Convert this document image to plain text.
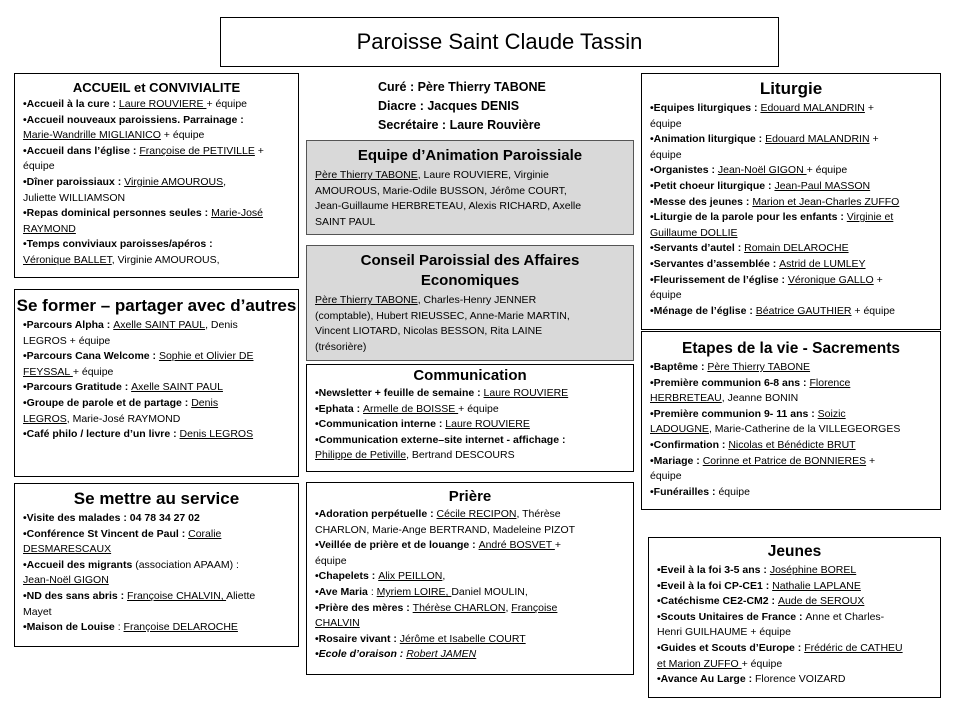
Paroisse Saint Claude Tassin
Curé : Père Thierry TABONE
Diacre : Jacques DENIS
Secrétaire : Laure Rouvière
ACCUEIL et CONVIVIALITE
•Accueil à la cure : Laure ROUVIERE + équipe
•Accueil nouveaux paroissiens. Parrainage :
Marie-Wandrille MIGLIANICO + équipe
•Accueil dans l’église : Françoise de PETIVILLE +
équipe
•Dîner paroissiaux : Virginie AMOUROUS,
Juliette WILLIAMSON
•Repas dominical personnes seules : Marie-José
RAYMOND
•Temps conviviaux paroisses/apéros :
Véronique BALLET, Virginie AMOUROUS,
Se former – partager avec d’autres
•Parcours Alpha : Axelle SAINT PAUL, Denis
LEGROS + équipe
•Parcours Cana Welcome : Sophie et Olivier DE
FEYSSAL + équipe
•Parcours Gratitude : Axelle SAINT PAUL
•Groupe de parole et de partage : Denis
LEGROS, Marie-José RAYMOND
•Café philo / lecture d’un livre : Denis LEGROS
Se mettre au service
•Visite des malades : 04 78 34 27 02
•Conférence St Vincent de Paul : Coralie
DESMARESCAUX
•Accueil des migrants (association APAAM) :
Jean-Noël GIGON
•ND des sans abris : Françoise CHALVIN, Aliette
Mayet
•Maison de Louise : Françoise DELAROCHE
Equipe d’Animation Paroissiale
Père Thierry TABONE, Laure ROUVIERE, Virginie
AMOUROUS, Marie-Odile BUSSON, Jérôme COURT,
Jean-Guillaume HERBRETEAU, Alexis RICHARD, Axelle
SAINT PAUL
Conseil Paroissial des Affaires
Economiques
Père Thierry TABONE, Charles-Henry JENNER
(comptable), Hubert RIEUSSEC, Anne-Marie MARTIN,
Vincent LIOTARD, Nicolas BESSON, Rita LAINE
(trésorière)
Communication
•Newsletter + feuille de semaine : Laure ROUVIERE
•Ephata : Armelle de BOISSE + équipe
•Communication interne : Laure ROUVIERE
•Communication externe–site internet - affichage :
Philippe de Petiville, Bertrand DESCOURS
Prière
•Adoration perpétuelle : Cécile RECIPON, Thérèse
CHARLON, Marie-Ange BERTRAND, Madeleine PIZOT
•Veillée de prière et de louange : André BOSVET +
équipe
•Chapelets : Alix PEILLON,
•Ave Maria : Myriem LOIRE, Daniel MOULIN,
•Prière des mères : Thérèse CHARLON, Françoise
CHALVIN
•Rosaire vivant : Jérôme et Isabelle COURT
•Ecole d’oraison : Robert JAMEN
Liturgie
•Equipes liturgiques : Edouard MALANDRIN +
équipe
•Animation liturgique : Edouard MALANDRIN +
équipe
•Organistes : Jean-Noël GIGON + équipe
•Petit choeur liturgique : Jean-Paul MASSON
•Messe des jeunes : Marion et Jean-Charles ZUFFO
•Liturgie de la parole pour les enfants : Virginie et
Guillaume DOLLIE
•Servants d’autel : Romain DELAROCHE
•Servantes d’assemblée : Astrid de LUMLEY
•Fleurissement de l’église : Véronique GALLO +
équipe
•Ménage de l’église : Béatrice GAUTHIER + équipe
Etapes de la vie - Sacrements
•Baptême : Père Thierry TABONE
•Première communion 6-8 ans : Florence
HERBRETEAU, Jeanne BONIN
•Première communion 9- 11 ans : Soizic
LADOUGNE, Marie-Catherine de la VILLEGEORGES
•Confirmation : Nicolas et Bénédicte BRUT
•Mariage : Corinne et Patrice de BONNIERES +
équipe
•Funérailles : équipe
Jeunes
•Eveil à la foi 3-5 ans : Joséphine BOREL
•Eveil à la foi CP-CE1 : Nathalie LAPLANE
•Catéchisme CE2-CM2 : Aude de SEROUX
•Scouts Unitaires de France : Anne et Charles-
Henri GUILHAUME + équipe
•Guides et Scouts d’Europe : Frédéric de CATHEU
et Marion ZUFFO + équipe
•Avance Au Large : Florence VOIZARD
